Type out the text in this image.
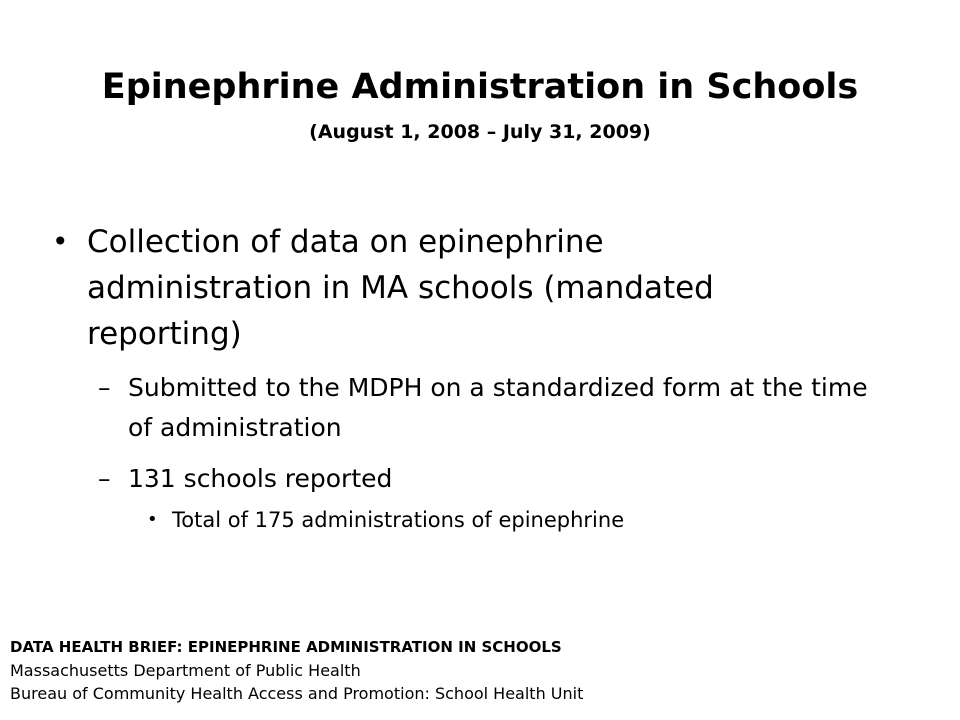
Epinephrine Administration in Schools
(August 1, 2008 – July 31, 2009)
• Collection of data on epinephrine administration in MA schools (mandated reporting)
– Submitted to the MDPH on a standardized form at the time of administration
– 131 schools reported
• Total of 175 administrations of epinephrine
DATA HEALTH BRIEF: EPINEPHRINE ADMINISTRATION IN SCHOOLS
Massachusetts Department of Public Health
Bureau of Community Health Access and Promotion: School Health Unit
